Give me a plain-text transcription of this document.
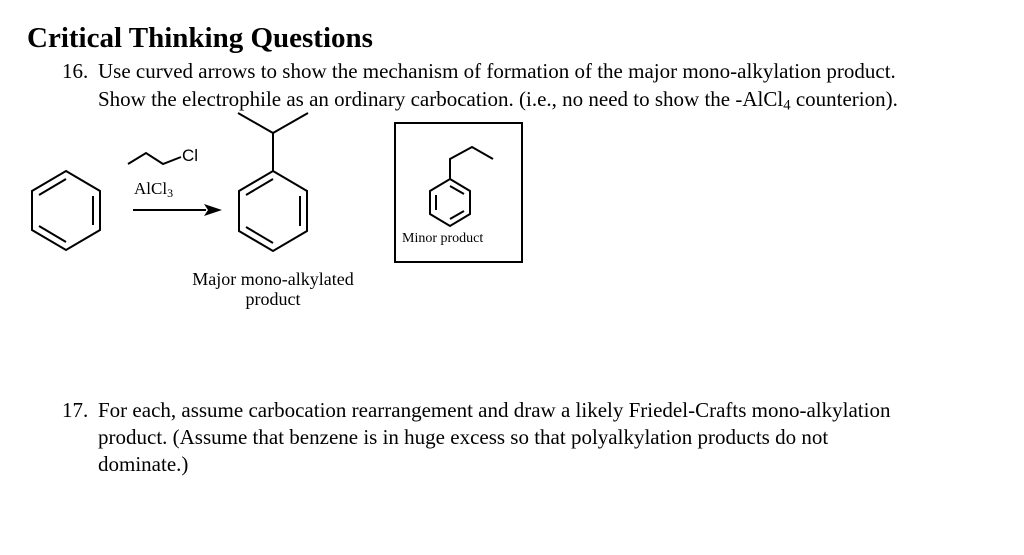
Critical Thinking Questions
16. Use curved arrows to show the mechanism of formation of the major mono-alkylation product.
Show the electrophile as an ordinary carbocation. (i.e., no need to show the -AlCl$_4$ counterion).
Cl
AlCl$_3$
Minor product
Major mono-alkylated
product
17. For each, assume carbocation rearrangement and draw a likely Friedel-Crafts mono-alkylation
product. (Assume that benzene is in huge excess so that polyalkylation products do not
dominate.)
